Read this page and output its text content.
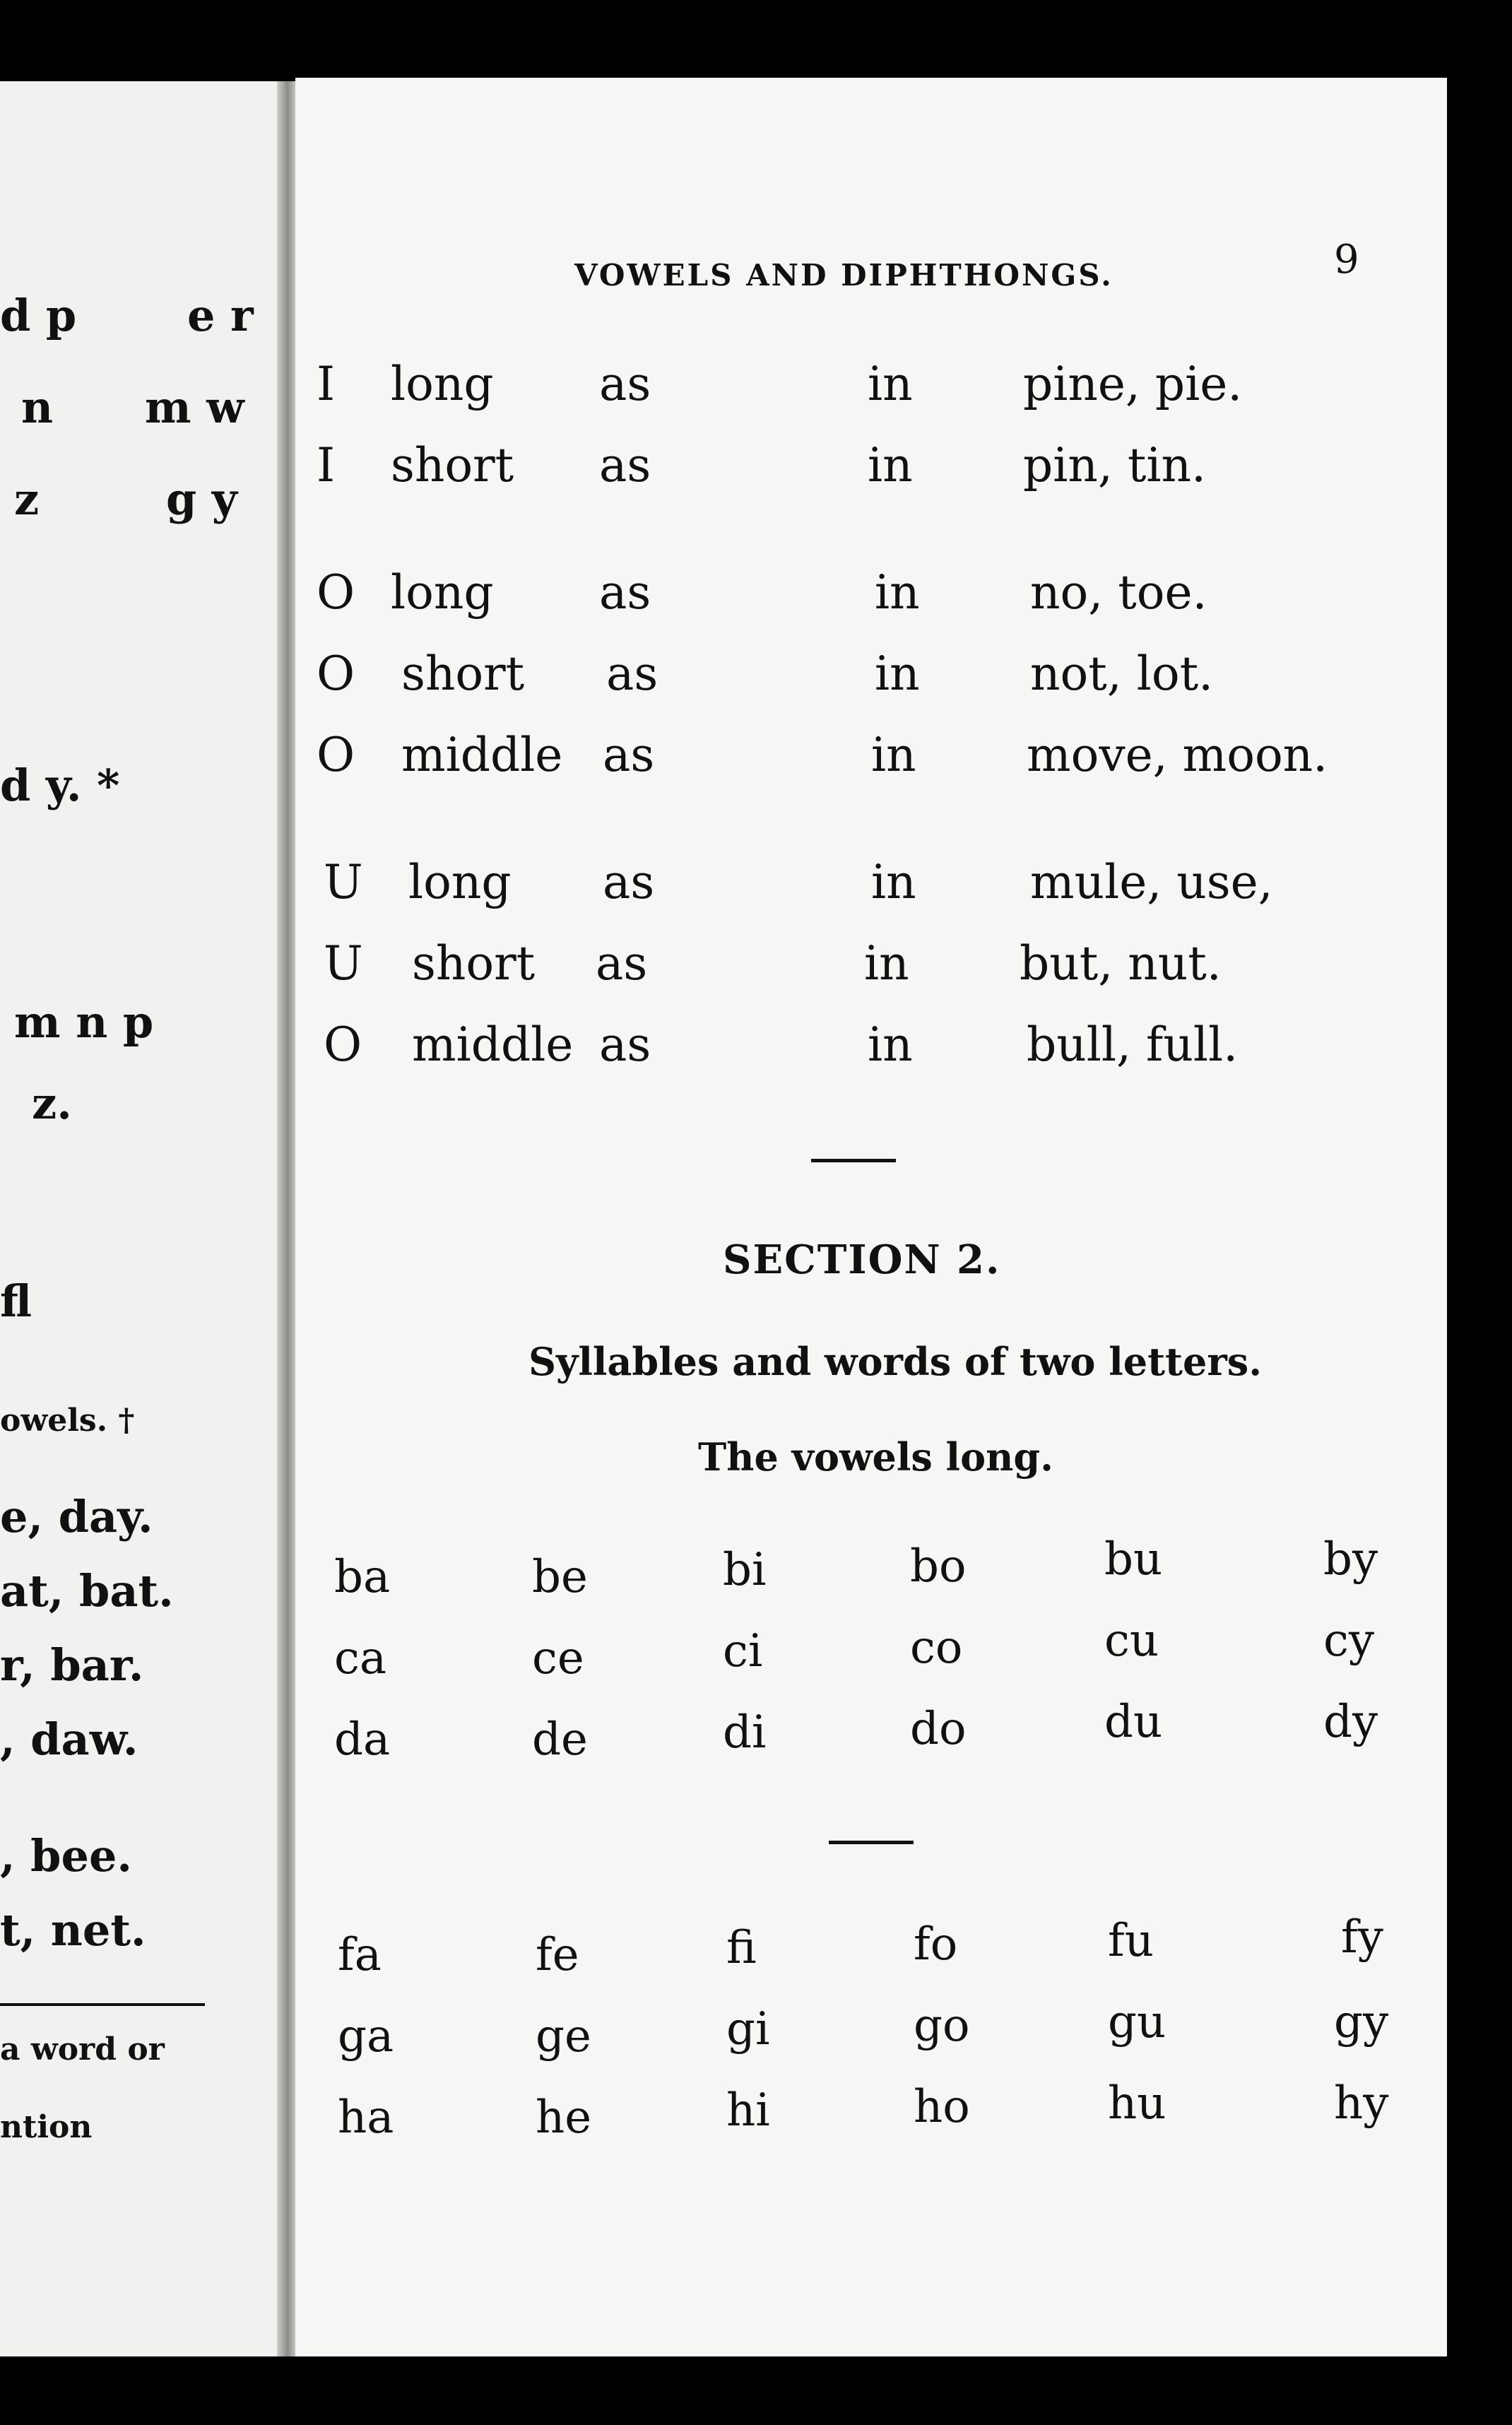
d p	e r
n m w
z	g y
d y. *
m n p
z.
fl
owels. †
e, day.
at, bat.
r, bar.
, daw.
, bee.
t, net.
a word or
ntion
VOWELS AND DIPHTHONGS.	9
I long as	in pine, pie.
I short as	in pin, tin.
O long as	in no, toe.
O short as	in not, lot.
O middle as	in move, moon.
U long as	in mule, use,
U short as	in but, nut.
O middle as	in bull, full.
SECTION 2.
Syllables and words of two letters.
The vowels long.
ba	be	bi	bo	bu	by
ca	ce	ci	co	cu	cy
da	de	di	do	du	dy
fa	fe	fi	fo	fu	fy
ga	ge	gi	go	gu	gy
ha	he	hi	ho	hu	hy
